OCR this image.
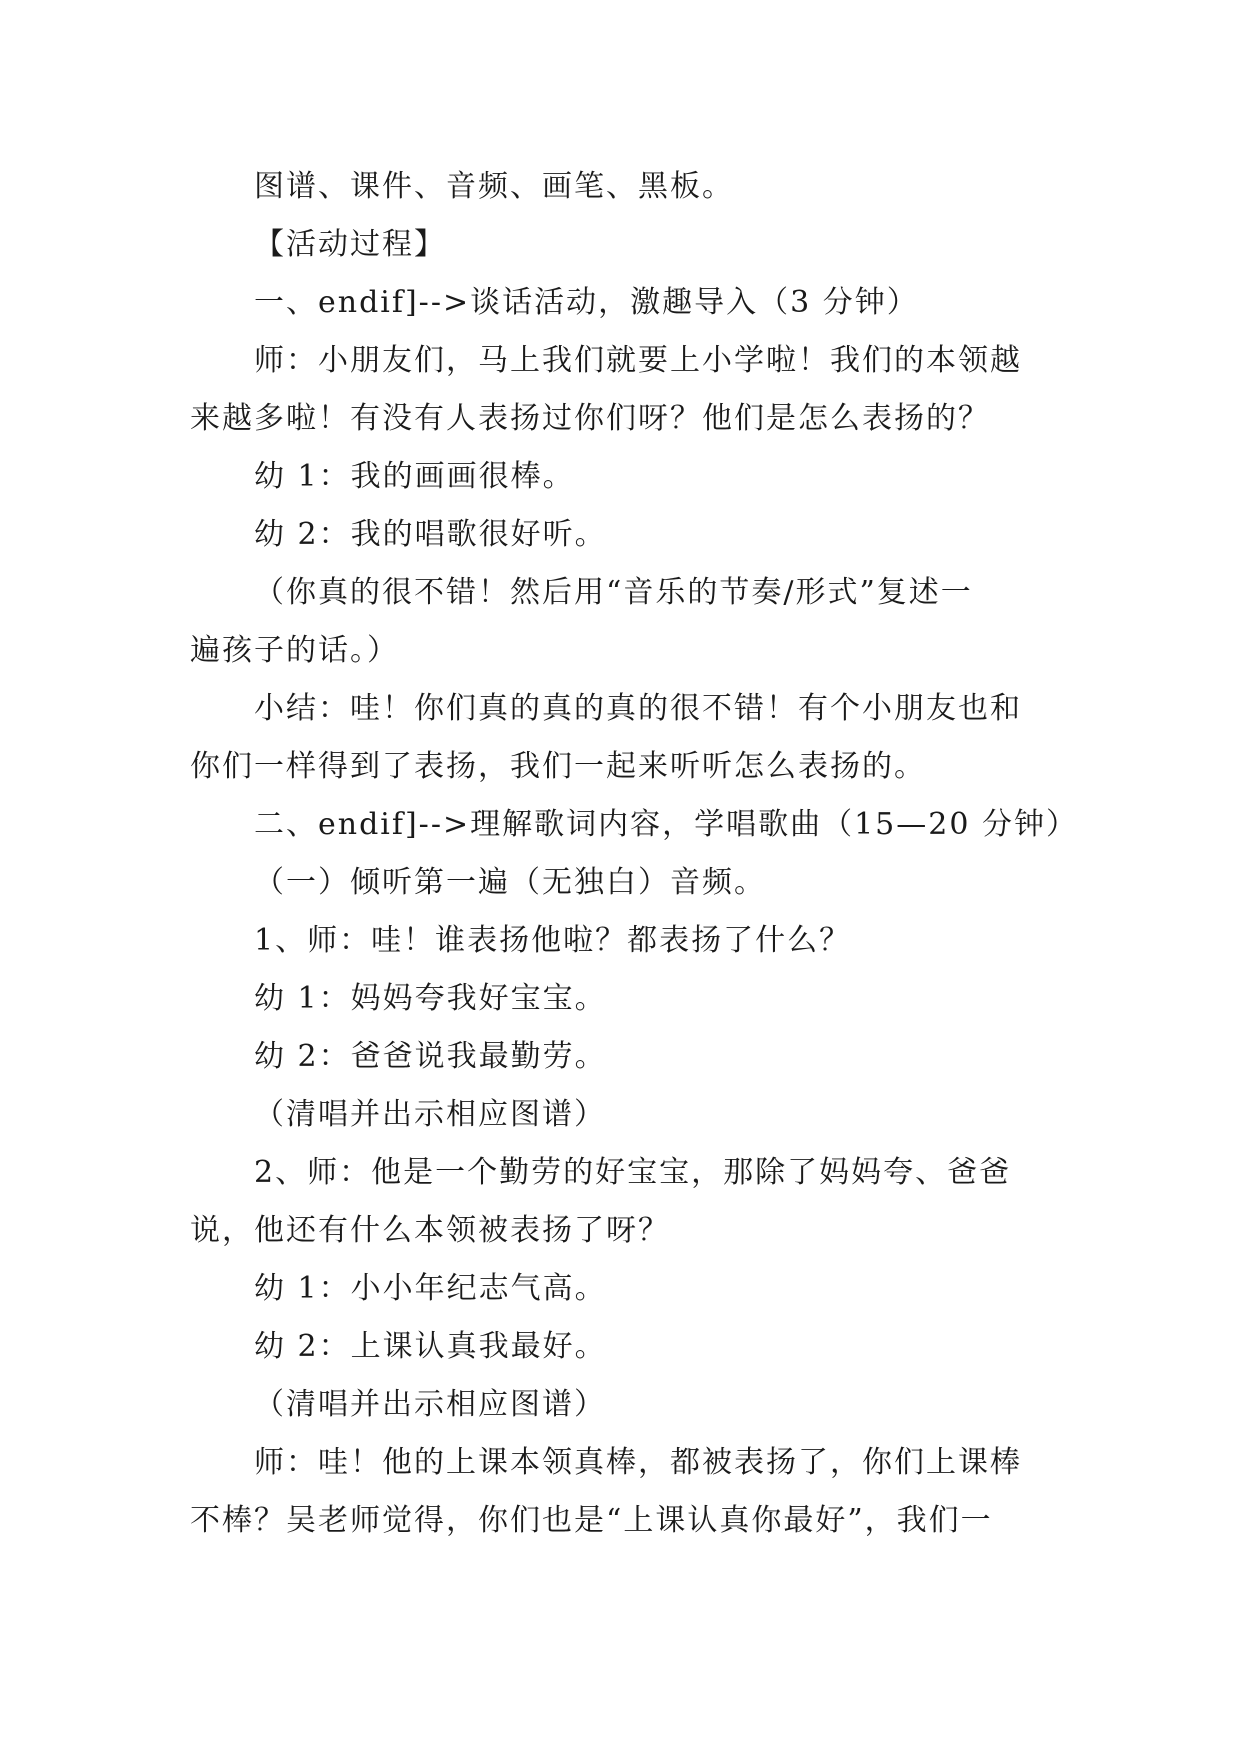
图谱、课件、音频、画笔、黑板。
【活动过程】
一、endif]-->谈话活动，激趣导入（3 分钟）
师：小朋友们，马上我们就要上小学啦！我们的本领越
来越多啦！有没有人表扬过你们呀？他们是怎么表扬的？
幼 1：我的画画很棒。
幼 2：我的唱歌很好听。
（你真的很不错！然后用“音乐的节奏/形式”复述一
遍孩子的话。）
小结：哇！你们真的真的真的很不错！有个小朋友也和
你们一样得到了表扬，我们一起来听听怎么表扬的。
二、endif]-->理解歌词内容，学唱歌曲（15—20 分钟）
（一）倾听第一遍（无独白）音频。
1、师：哇！谁表扬他啦？都表扬了什么？
幼 1：妈妈夸我好宝宝。
幼 2：爸爸说我最勤劳。
（清唱并出示相应图谱）
2、师：他是一个勤劳的好宝宝，那除了妈妈夸、爸爸
说，他还有什么本领被表扬了呀？
幼 1：小小年纪志气高。
幼 2：上课认真我最好。
（清唱并出示相应图谱）
师：哇！他的上课本领真棒，都被表扬了，你们上课棒
不棒？吴老师觉得，你们也是“上课认真你最好”，我们一
